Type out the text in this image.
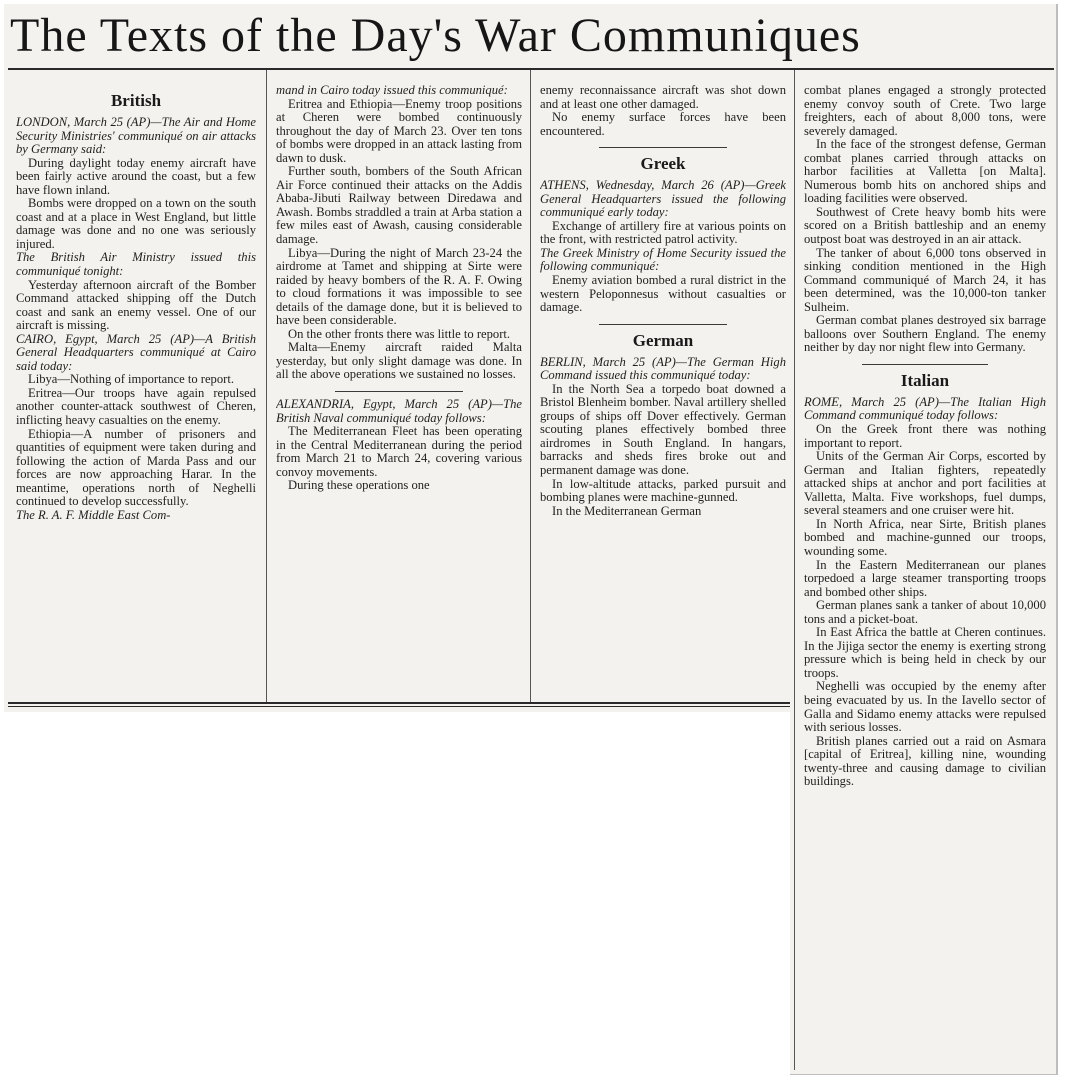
The Texts of the Day's War Communiques
British

LONDON, March 25 (AP)—The Air and Home Security Ministries' communiqué on air attacks by Germany said:

During daylight today enemy aircraft have been fairly active around the coast, but a few have flown inland.

Bombs were dropped on a town on the south coast and at a place in West England, but little damage was done and no one was seriously injured.

The British Air Ministry issued this communiqué tonight:

Yesterday afternoon aircraft of the Bomber Command attacked shipping off the Dutch coast and sank an enemy vessel. One of our aircraft is missing.

CAIRO, Egypt, March 25 (AP)—A British General Headquarters communiqué at Cairo said today:

Libya—Nothing of importance to report.

Eritrea—Our troops have again repulsed another counter-attack southwest of Cheren, inflicting heavy casualties on the enemy.

Ethiopia—A number of prisoners and quantities of equipment were taken during and following the action of Marda Pass and our forces are now approaching Harar. In the meantime, operations north of Neghelli continued to develop successfully.

The R. A. F. Middle East Com-

mand in Cairo today issued this communiqué:

Eritrea and Ethiopia—Enemy troop positions at Cheren were bombed continuously throughout the day of March 23. Over ten tons of bombs were dropped in an attack lasting from dawn to dusk.

Further south, bombers of the South African Air Force continued their attacks on the Addis Ababa-Jibuti Railway between Diredawa and Awash. Bombs straddled a train at Arba station a few miles east of Awash, causing considerable damage.

Libya—During the night of March 23-24 the airdrome at Tamet and shipping at Sirte were raided by heavy bombers of the R. A. F. Owing to cloud formations it was impossible to see details of the damage done, but it is believed to have been considerable.

On the other fronts there was little to report.

Malta—Enemy aircraft raided Malta yesterday, but only slight damage was done. In all the above operations we sustained no losses.

ALEXANDRIA, Egypt, March 25 (AP)—The British Naval communiqué today follows:

The Mediterranean Fleet has been operating in the Central Mediterranean during the period from March 21 to March 24, covering various convoy movements.

During these operations one

enemy reconnaissance aircraft was shot down and at least one other damaged.

No enemy surface forces have been encountered.

Greek

ATHENS, Wednesday, March 26 (AP)—Greek General Headquarters issued the following communiqué early today:

Exchange of artillery fire at various points on the front, with restricted patrol activity.

The Greek Ministry of Home Security issued the following communiqué:

Enemy aviation bombed a rural district in the western Peloponnesus without casualties or damage.

German

BERLIN, March 25 (AP)—The German High Command issued this communiqué today:

In the North Sea a torpedo boat downed a Bristol Blenheim bomber. Naval artillery shelled groups of ships off Dover effectively. German scouting planes effectively bombed three airdromes in South England. In hangars, barracks and sheds fires broke out and permanent damage was done.

In low-altitude attacks, parked pursuit and bombing planes were machine-gunned.

In the Mediterranean German

combat planes engaged a strongly protected enemy convoy south of Crete. Two large freighters, each of about 8,000 tons, were severely damaged.

In the face of the strongest defense, German combat planes carried through attacks on harbor facilities at Valletta [on Malta]. Numerous bomb hits on anchored ships and loading facilities were observed.

Southwest of Crete heavy bomb hits were scored on a British battleship and an enemy outpost boat was destroyed in an air attack.

The tanker of about 6,000 tons observed in sinking condition mentioned in the High Command communiqué of March 24, it has been determined, was the 10,000-ton tanker Sulheim.

German combat planes destroyed six barrage balloons over Southern England. The enemy neither by day nor night flew into Germany.

Italian

ROME, March 25 (AP)—The Italian High Command communiqué today follows:

On the Greek front there was nothing important to report.

Units of the German Air Corps, escorted by German and Italian fighters, repeatedly attacked ships at anchor and port facilities at Valletta, Malta. Five workshops, fuel dumps, several steamers and one cruiser were hit.

In North Africa, near Sirte, British planes bombed and machine-gunned our troops, wounding some.

In the Eastern Mediterranean our planes torpedoed a large steamer transporting troops and bombed other ships.

German planes sank a tanker of about 10,000 tons and a picket-boat.

In East Africa the battle at Cheren continues. In the Jijiga sector the enemy is exerting strong pressure which is being held in check by our troops.

Neghelli was occupied by the enemy after being evacuated by us. In the Iavello sector of Galla and Sidamo enemy attacks were repulsed with serious losses.

British planes carried out a raid on Asmara [capital of Eritrea], killing nine, wounding twenty-three and causing damage to civilian buildings.
